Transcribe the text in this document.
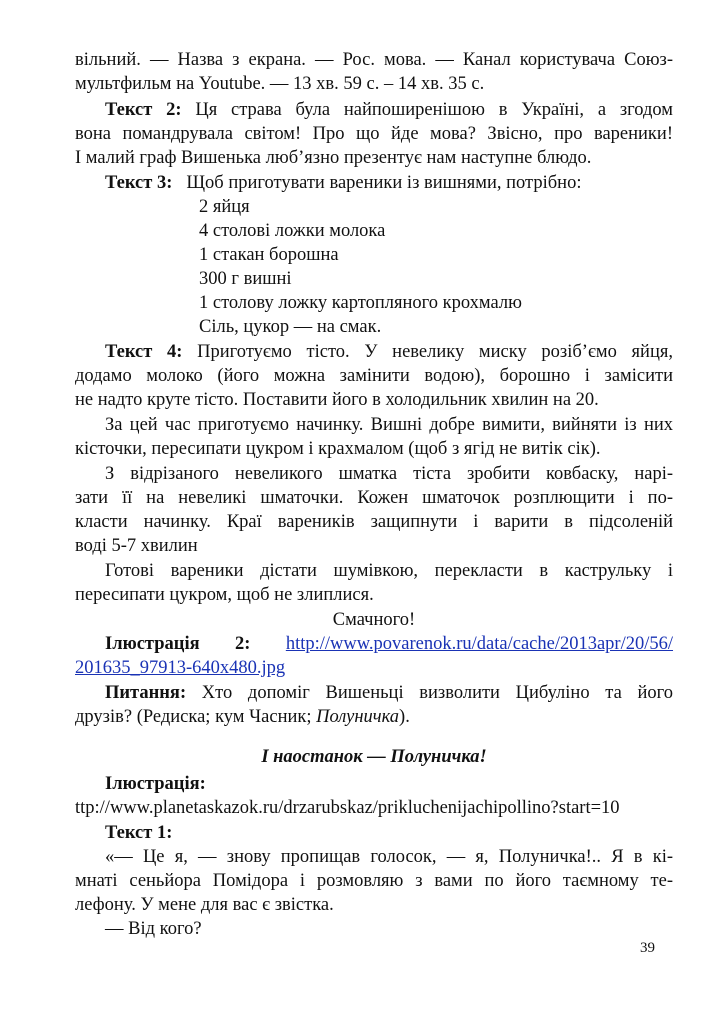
вільний. — Назва з екрана. — Рос. мова. — Канал користувача Союз-
мультфильм на Youtube. — 13 хв. 59 с. – 14 хв. 35 с.
Текст 2: Ця страва була найпоширенішою в Україні, а згодом
вона помандрувала світом! Про що йде мова? Звісно, про вареники!
І малий граф Вишенька люб’язно презентує нам наступне блюдо.
Текст 3: Щоб приготувати вареники із вишнями, потрібно:
2 яйця
4 столові ложки молока
1 стакан борошна
300 г вишні
1 столову ложку картопляного крохмалю
Сіль, цукор — на смак.
Текст 4: Приготуємо тісто. У невелику миску розіб’ємо яйця,
додамо молоко (його можна замінити водою), борошно і замісити
не надто круте тісто. Поставити його в холодильник хвилин на 20.
За цей час приготуємо начинку. Вишні добре вимити, вийняти із них
кісточки, пересипати цукром і крахмалом (щоб з ягід не витік сік).
З відрізаного невеликого шматка тіста зробити ковбаску, нарі-
зати її на невеликі шматочки. Кожен шматочок розплющити і по-
класти начинку. Краї вареників защипнути і варити в підсоленій
воді 5-7 хвилин
Готові вареники дістати шумівкою, перекласти в каструльку і
пересипати цукром, щоб не злиплися.
Смачного!
Ілюстрація 2: http://www.povarenok.ru/data/cache/2013apr/20/56/
201635_97913-640x480.jpg
Питання: Хто допоміг Вишеньці визволити Цибуліно та його
друзів? (Редиска; кум Часник; Полуничка).
І наостанок — Полуничка!
Ілюстрація:
ttp://www.planetaskazok.ru/drzarubskaz/prikluchenijachipollino?start=10
Текст 1:
«— Це я, — знову пропищав голосок, — я, Полуничка!.. Я в кі-
мнаті сеньйора Помідора і розмовляю з вами по його таємному те-
лефону. У мене для вас є звістка.
— Від кого?
39
